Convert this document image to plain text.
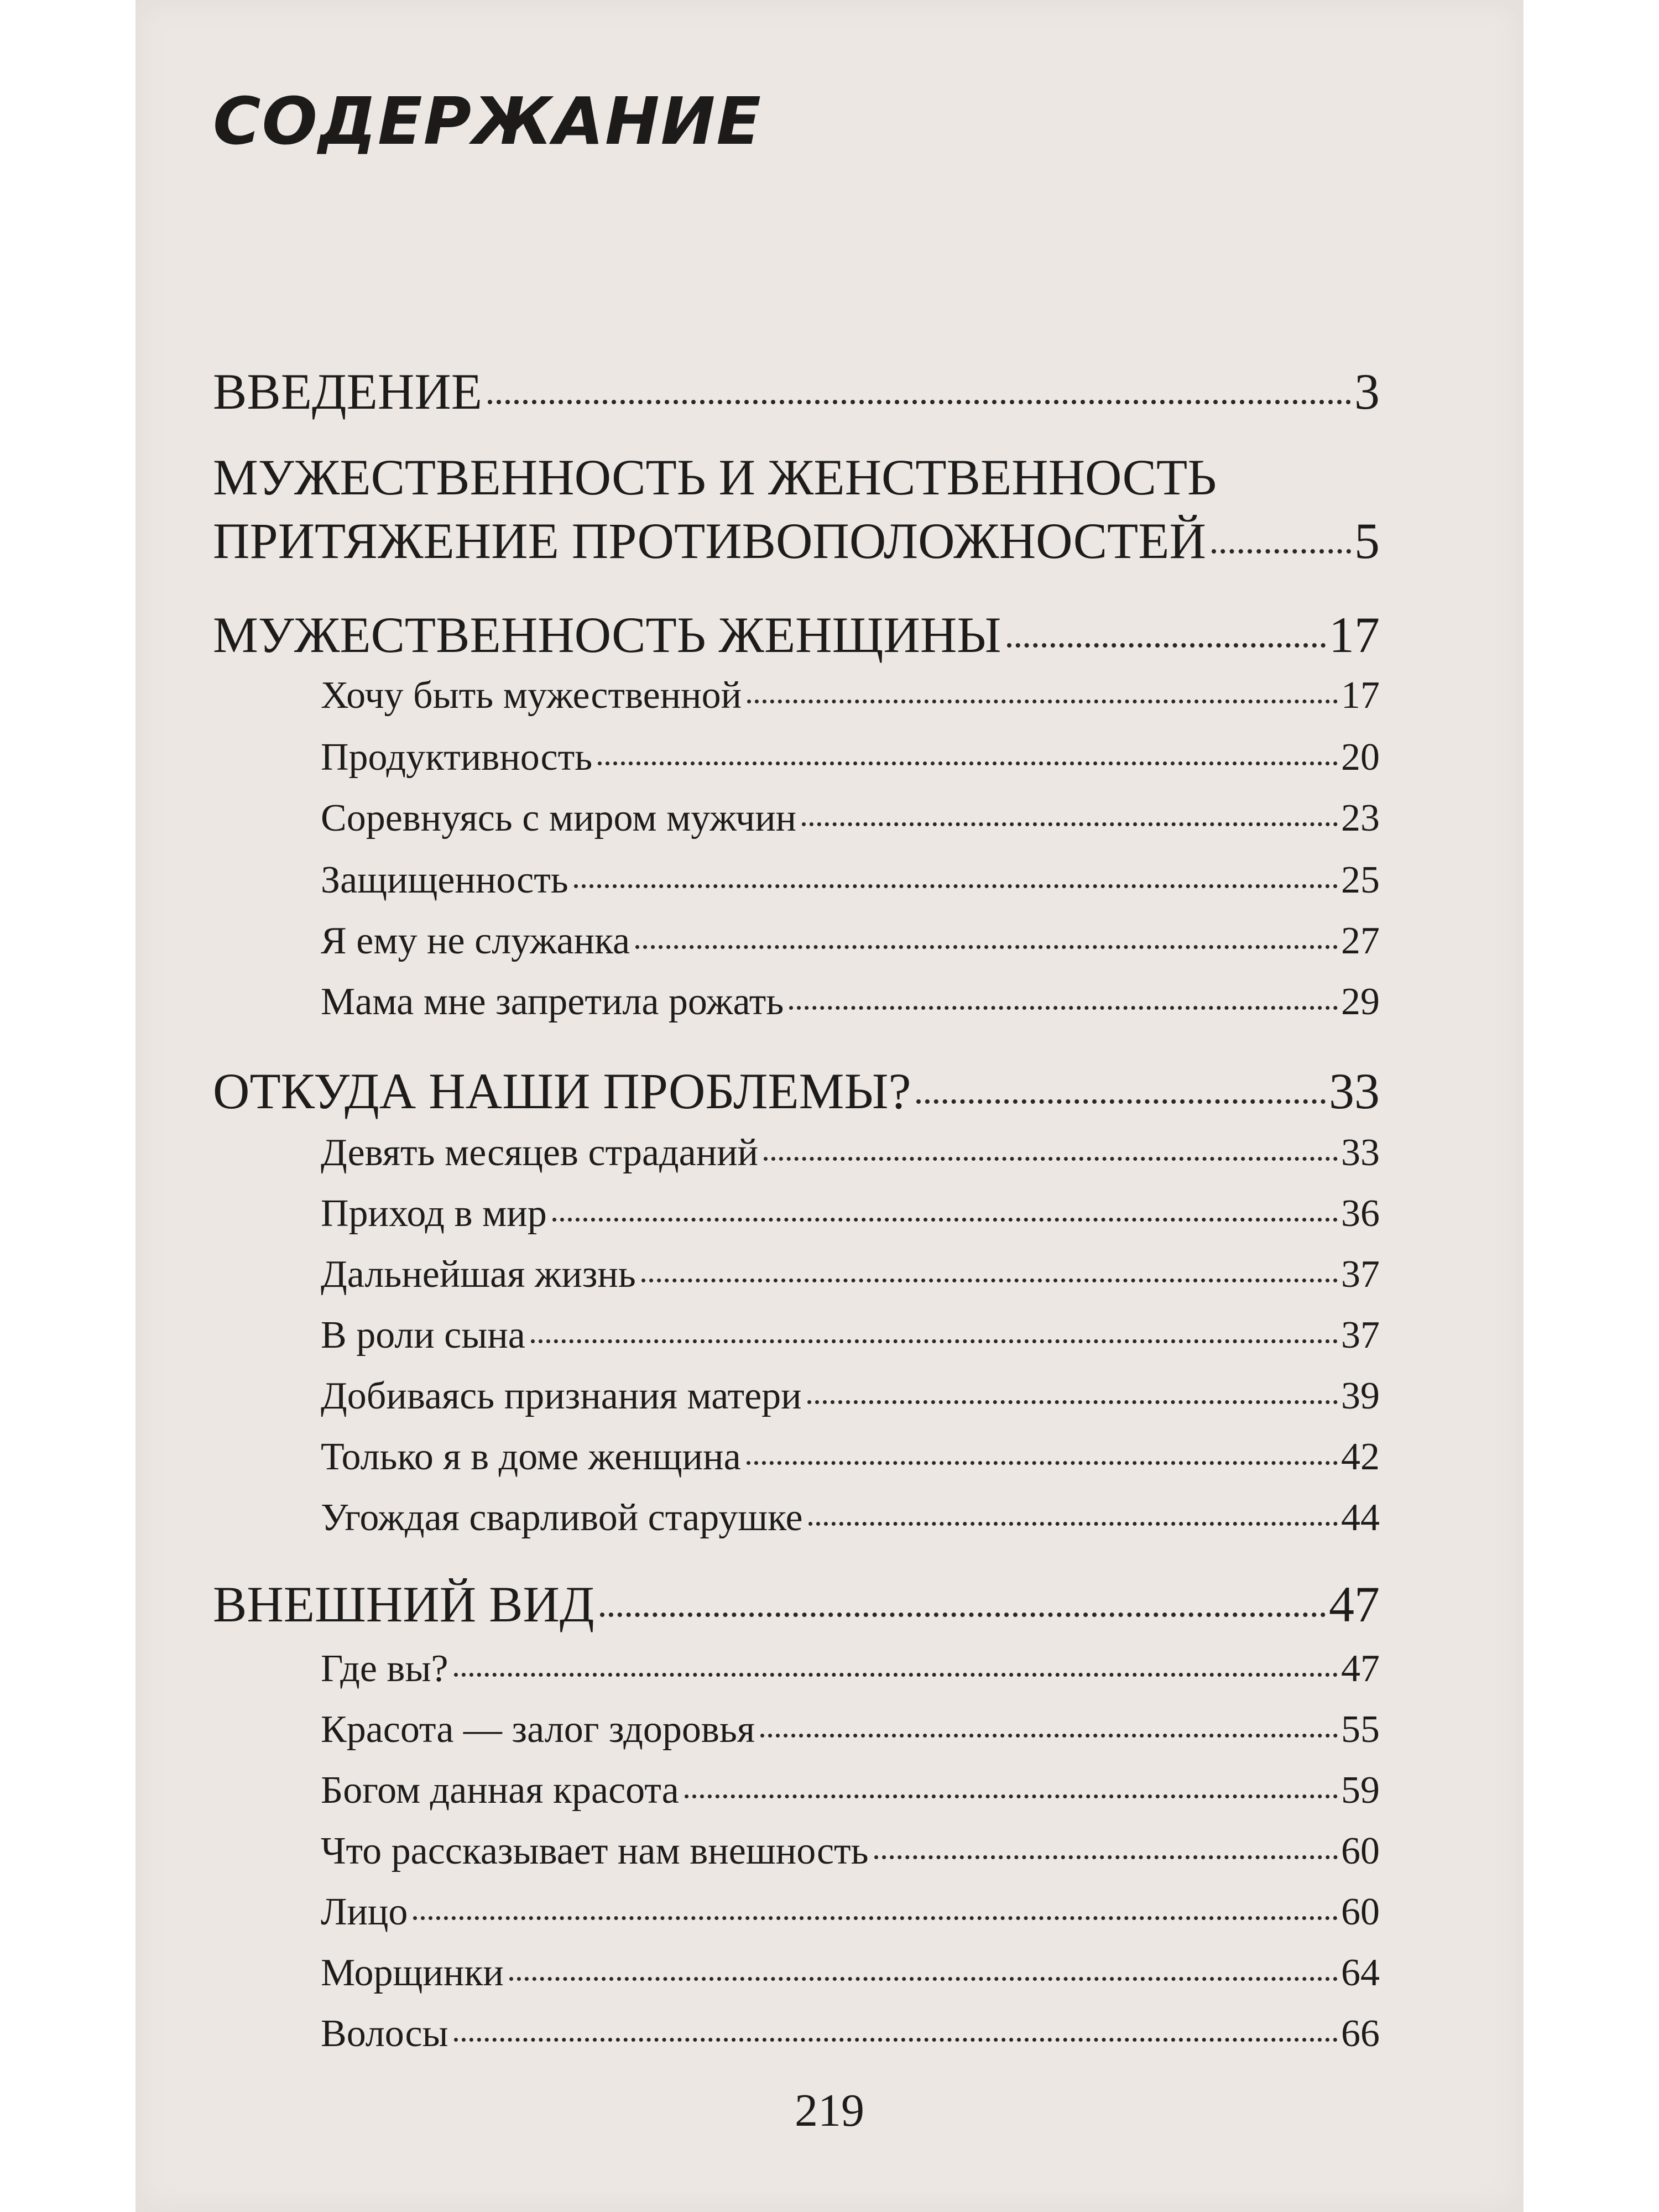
СОДЕРЖАНИЕ
ВВЕДЕНИЕ	3
МУЖЕСТВЕННОСТЬ И ЖЕНСТВЕННОСТЬ
ПРИТЯЖЕНИЕ ПРОТИВОПОЛОЖНОСТЕЙ	5
МУЖЕСТВЕННОСТЬ ЖЕНЩИНЫ	17
Хочу быть мужественной	17
Продуктивность	20
Соревнуясь с миром мужчин	23
Защищенность	25
Я ему не служанка	27
Мама мне запретила рожать	29
ОТКУДА НАШИ ПРОБЛЕМЫ?	33
Девять месяцев страданий	33
Приход в мир	36
Дальнейшая жизнь	37
В роли сына	37
Добиваясь признания матери	39
Только я в доме женщина	42
Угождая сварливой старушке	44
ВНЕШНИЙ ВИД	47
Где вы?	47
Красота — залог здоровья	55
Богом данная красота	59
Что рассказывает нам внешность	60
Лицо	60
Морщинки	64
Волосы	66
219
